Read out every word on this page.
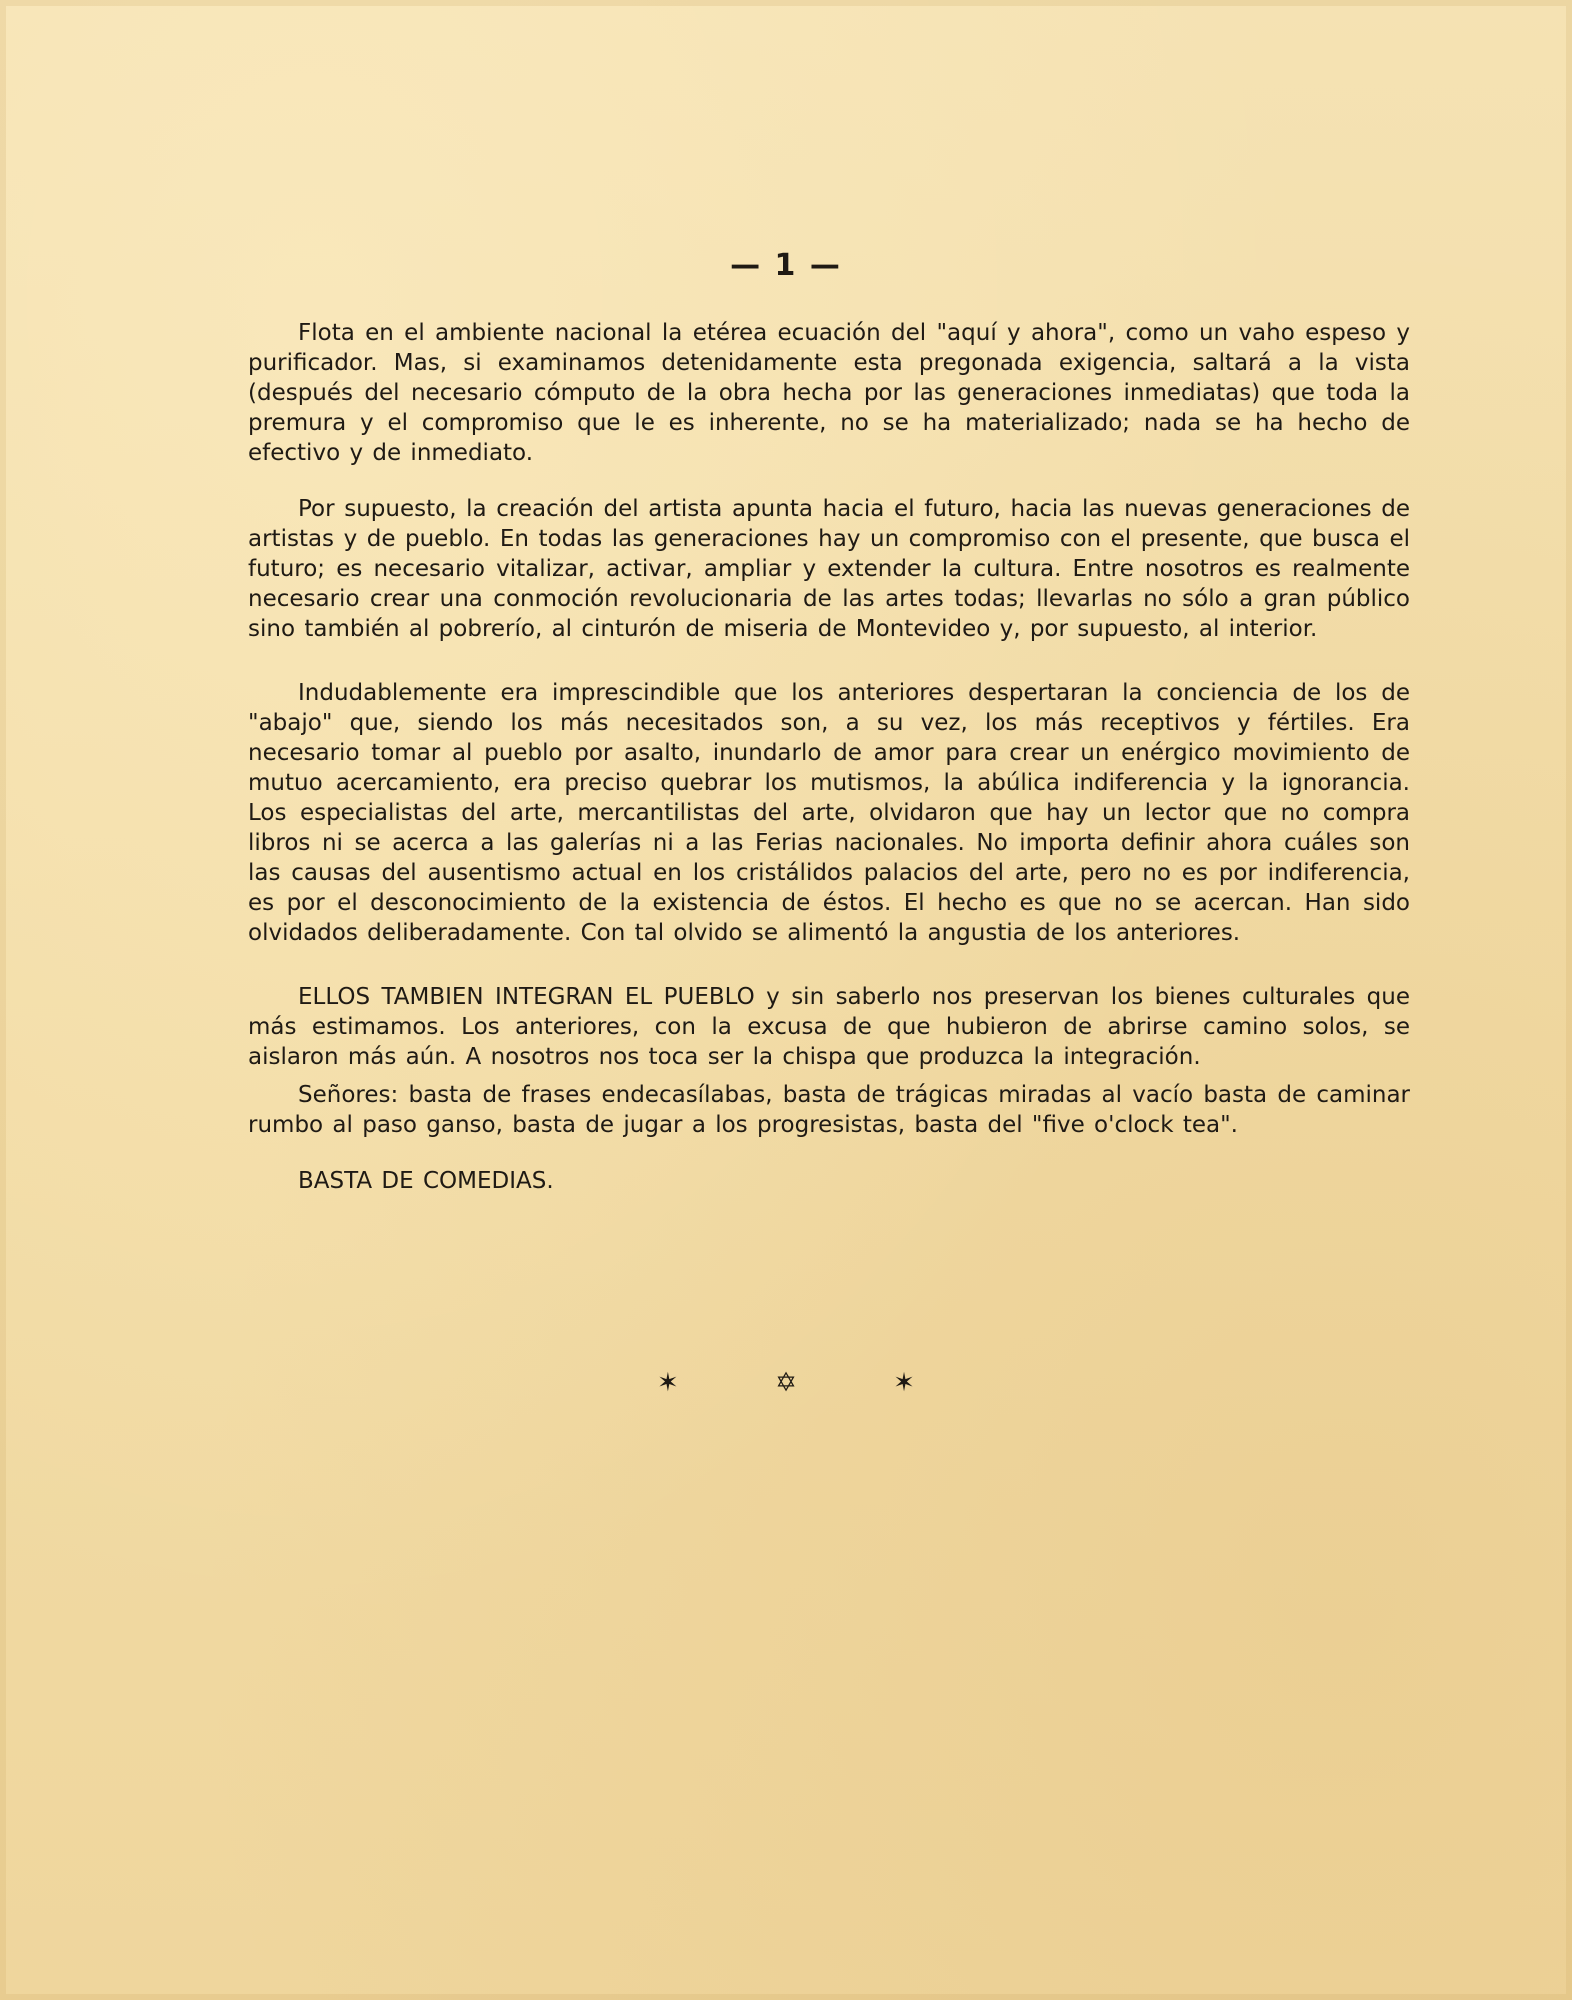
— 1 —

Flota en el ambiente nacional la etérea ecuación del "aquí y ahora", como un vaho espeso y purificador. Mas, si examinamos detenidamente esta pregonada exigencia, saltará a la vista (después del necesario cómputo de la obra hecha por las generaciones inmediatas) que toda la premura y el compromiso que le es inherente, no se ha materializado; nada se ha hecho de efectivo y de inmediato.

Por supuesto, la creación del artista apunta hacia el futuro, hacia las nuevas generaciones de artistas y de pueblo. En todas las generaciones hay un compromiso con el presente, que busca el futuro; es necesario vitalizar, activar, ampliar y extender la cultura. Entre nosotros es realmente necesario crear una conmoción revolucionaria de las artes todas; llevarlas no sólo a gran público sino también al pobrerío, al cinturón de miseria de Montevideo y, por supuesto, al interior.

Indudablemente era imprescindible que los anteriores despertaran la conciencia de los de "abajo" que, siendo los más necesitados son, a su vez, los más receptivos y fértiles. Era necesario tomar al pueblo por asalto, inundarlo de amor para crear un enérgico movimiento de mutuo acercamiento, era preciso quebrar los mutismos, la abúlica indiferencia y la ignorancia. Los especialistas del arte, mercantilistas del arte, olvidaron que hay un lector que no compra libros ni se acerca a las galerías ni a las Ferias nacionales. No importa definir ahora cuáles son las causas del ausentismo actual en los cristálidos palacios del arte, pero no es por indiferencia, es por el desconocimiento de la existencia de éstos. El hecho es que no se acercan. Han sido olvidados deliberadamente. Con tal olvido se alimentó la angustia de los anteriores.

ELLOS TAMBIEN INTEGRAN EL PUEBLO y sin saberlo nos preservan los bienes culturales que más estimamos. Los anteriores, con la excusa de que hubieron de abrirse camino solos, se aislaron más aún. A nosotros nos toca ser la chispa que produzca la integración.

Señores: basta de frases endecasílabas, basta de trágicas miradas al vacío basta de caminar rumbo al paso ganso, basta de jugar a los progresistas, basta del "five o'clock tea".

BASTA DE COMEDIAS.

✶ ✡ ✶
